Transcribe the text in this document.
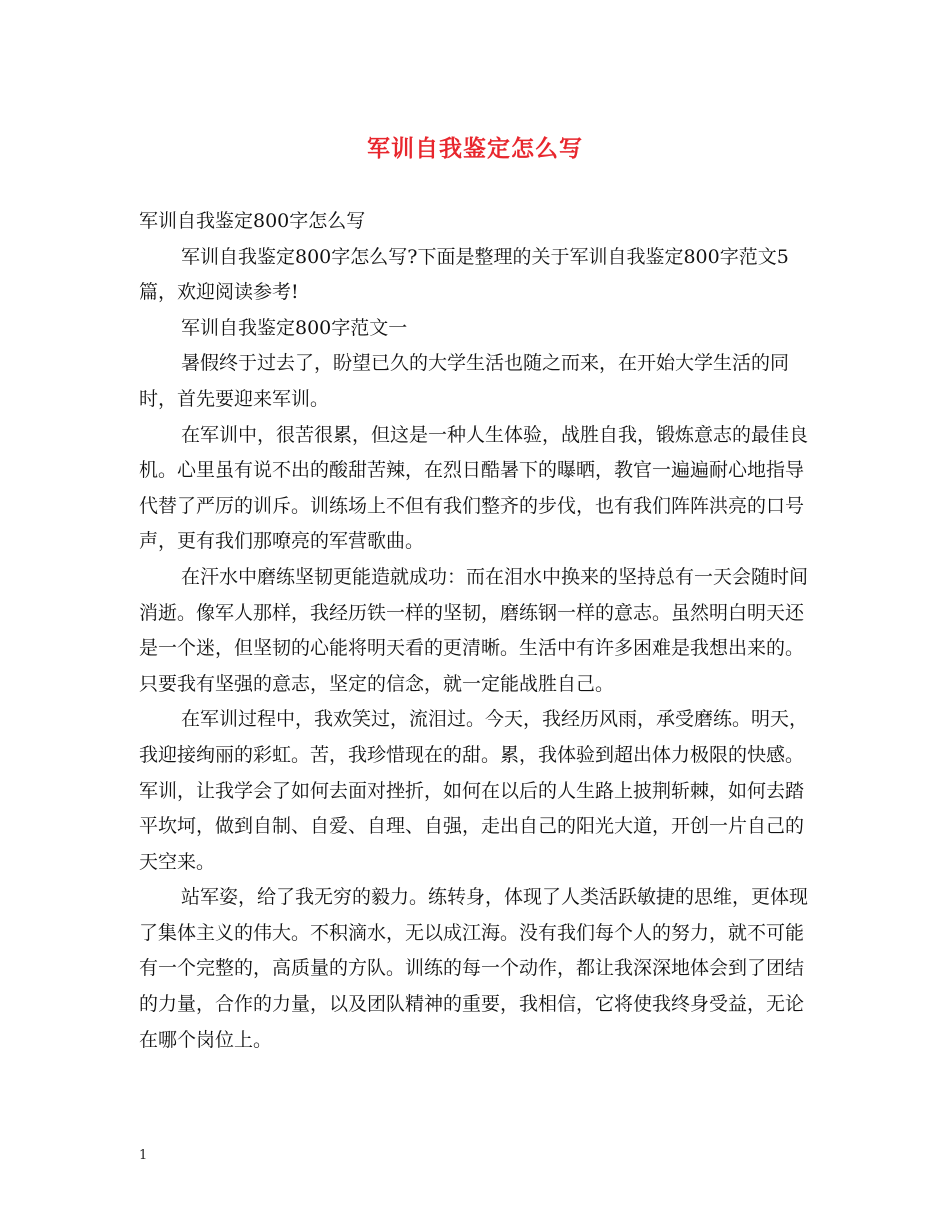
军训自我鉴定怎么写

军训自我鉴定800字怎么写

军训自我鉴定800字怎么写?下面是整理的关于军训自我鉴定800字范文5篇，欢迎阅读参考!

军训自我鉴定800字范文一

暑假终于过去了，盼望已久的大学生活也随之而来，在开始大学生活的同时，首先要迎来军训。

在军训中，很苦很累，但这是一种人生体验，战胜自我，锻炼意志的最佳良机。心里虽有说不出的酸甜苦辣，在烈日酷暑下的曝晒，教官一遍遍耐心地指导代替了严厉的训斥。训练场上不但有我们整齐的步伐，也有我们阵阵洪亮的口号声，更有我们那嘹亮的军营歌曲。

在汗水中磨练坚韧更能造就成功：而在泪水中换来的坚持总有一天会随时间消逝。像军人那样，我经历铁一样的坚韧，磨练钢一样的意志。虽然明白明天还是一个迷，但坚韧的心能将明天看的更清晰。生活中有许多困难是我想出来的。只要我有坚强的意志，坚定的信念，就一定能战胜自己。

在军训过程中，我欢笑过，流泪过。今天，我经历风雨，承受磨练。明天，我迎接绚丽的彩虹。苦，我珍惜现在的甜。累，我体验到超出体力极限的快感。军训，让我学会了如何去面对挫折，如何在以后的人生路上披荆斩棘，如何去踏平坎坷，做到自制、自爱、自理、自强，走出自己的阳光大道，开创一片自己的天空来。

站军姿，给了我无穷的毅力。练转身，体现了人类活跃敏捷的思维，更体现了集体主义的伟大。不积滴水，无以成江海。没有我们每个人的努力，就不可能有一个完整的，高质量的方队。训练的每一个动作，都让我深深地体会到了团结的力量，合作的力量，以及团队精神的重要，我相信，它将使我终身受益，无论在哪个岗位上。

1
